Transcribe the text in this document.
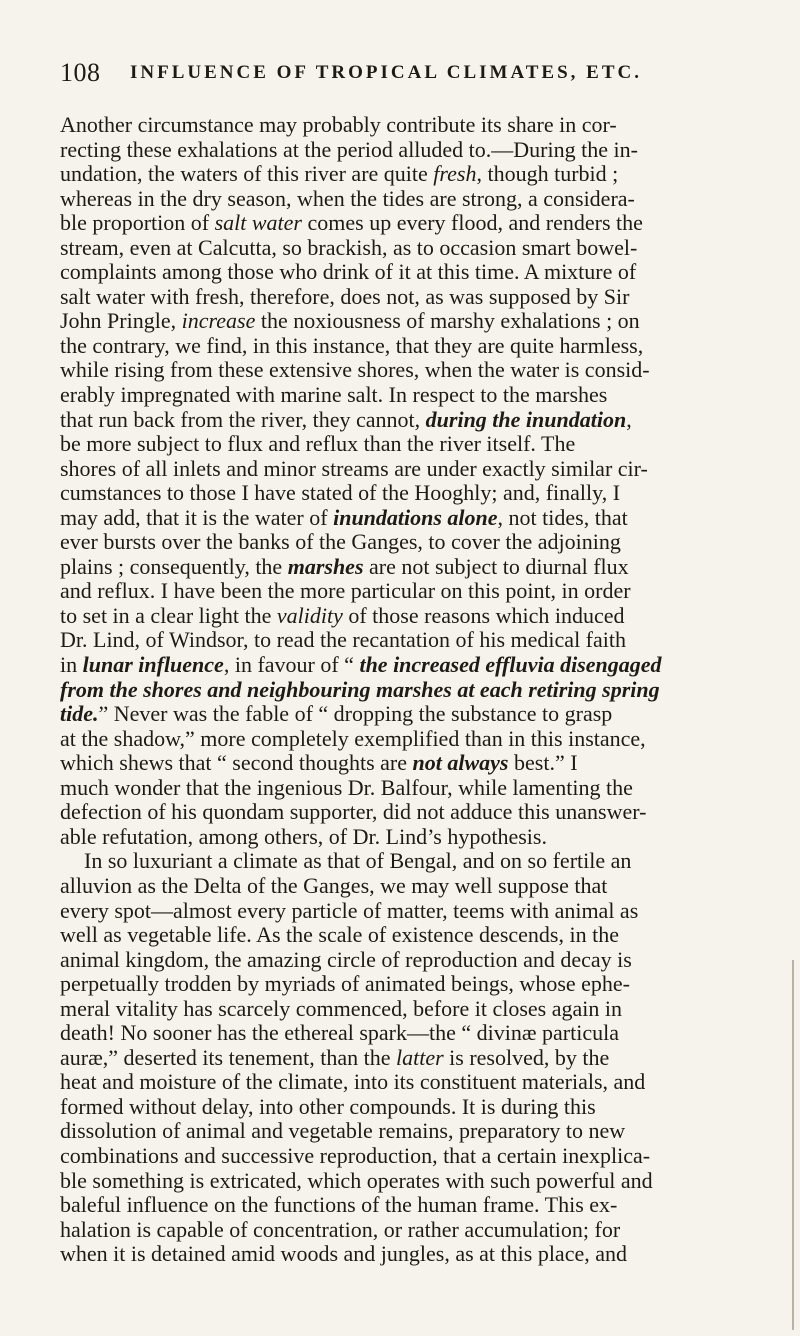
108 INFLUENCE OF TROPICAL CLIMATES, ETC.
Another circumstance may probably contribute its share in cor-
recting these exhalations at the period alluded to.—During the in-
undation, the waters of this river are quite fresh, though turbid ;
whereas in the dry season, when the tides are strong, a considera-
ble proportion of salt water comes up every flood, and renders the
stream, even at Calcutta, so brackish, as to occasion smart bowel-
complaints among those who drink of it at this time. A mixture of
salt water with fresh, therefore, does not, as was supposed by Sir
John Pringle, increase the noxiousness of marshy exhalations ; on
the contrary, we find, in this instance, that they are quite harmless,
while rising from these extensive shores, when the water is consid-
erably impregnated with marine salt. In respect to the marshes
that run back from the river, they cannot, during the inundation,
be more subject to flux and reflux than the river itself. The
shores of all inlets and minor streams are under exactly similar cir-
cumstances to those I have stated of the Hooghly; and, finally, I
may add, that it is the water of inundations alone, not tides, that
ever bursts over the banks of the Ganges, to cover the adjoining
plains ; consequently, the marshes are not subject to diurnal flux
and reflux. I have been the more particular on this point, in order
to set in a clear light the validity of those reasons which induced
Dr. Lind, of Windsor, to read the recantation of his medical faith
in lunar influence, in favour of “ the increased effluvia disengaged
from the shores and neighbouring marshes at each retiring spring
tide.” Never was the fable of “ dropping the substance to grasp
at the shadow,” more completely exemplified than in this instance,
which shews that “ second thoughts are not always best.” I
much wonder that the ingenious Dr. Balfour, while lamenting the
defection of his quondam supporter, did not adduce this unanswer-
able refutation, among others, of Dr. Lind’s hypothesis.
In so luxuriant a climate as that of Bengal, and on so fertile an
alluvion as the Delta of the Ganges, we may well suppose that
every spot—almost every particle of matter, teems with animal as
well as vegetable life. As the scale of existence descends, in the
animal kingdom, the amazing circle of reproduction and decay is
perpetually trodden by myriads of animated beings, whose ephe-
meral vitality has scarcely commenced, before it closes again in
death! No sooner has the ethereal spark—the “ divinæ particula
auræ,” deserted its tenement, than the latter is resolved, by the
heat and moisture of the climate, into its constituent materials, and
formed without delay, into other compounds. It is during this
dissolution of animal and vegetable remains, preparatory to new
combinations and successive reproduction, that a certain inexplica-
ble something is extricated, which operates with such powerful and
baleful influence on the functions of the human frame. This ex-
halation is capable of concentration, or rather accumulation; for
when it is detained amid woods and jungles, as at this place, and
